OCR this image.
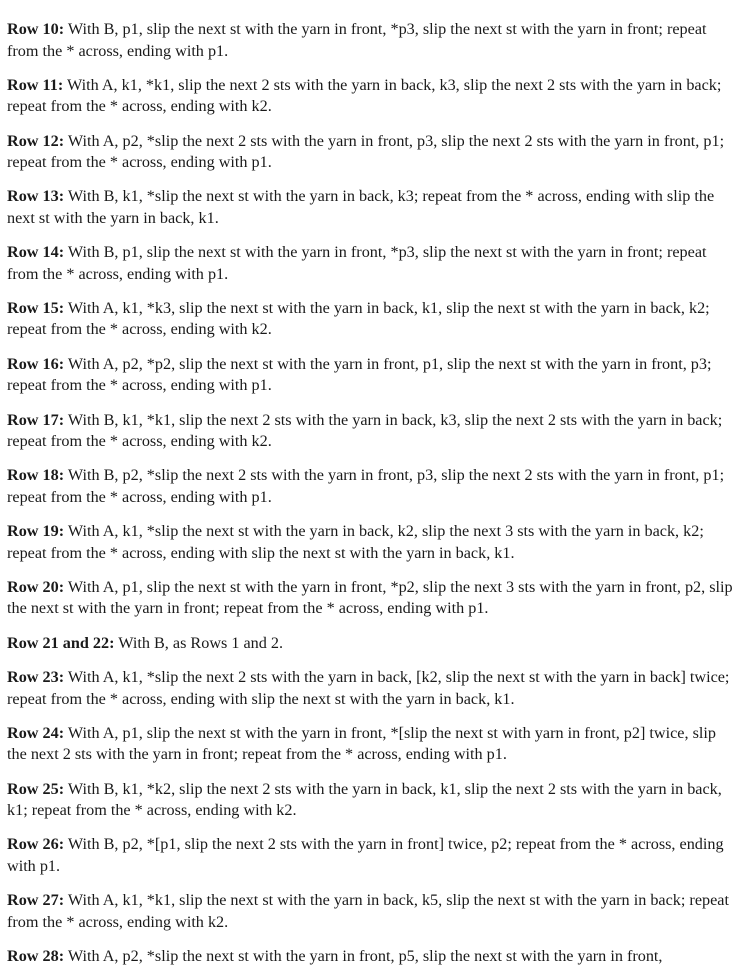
Row 10: With B, p1, slip the next st with the yarn in front, *p3, slip the next st with the yarn in front; repeat from the * across, ending with p1.

Row 11: With A, k1, *k1, slip the next 2 sts with the yarn in back, k3, slip the next 2 sts with the yarn in back; repeat from the * across, ending with k2.

Row 12: With A, p2, *slip the next 2 sts with the yarn in front, p3, slip the next 2 sts with the yarn in front, p1; repeat from the * across, ending with p1.

Row 13: With B, k1, *slip the next st with the yarn in back, k3; repeat from the * across, ending with slip the next st with the yarn in back, k1.

Row 14: With B, p1, slip the next st with the yarn in front, *p3, slip the next st with the yarn in front; repeat from the * across, ending with p1.

Row 15: With A, k1, *k3, slip the next st with the yarn in back, k1, slip the next st with the yarn in back, k2; repeat from the * across, ending with k2.

Row 16: With A, p2, *p2, slip the next st with the yarn in front, p1, slip the next st with the yarn in front, p3; repeat from the * across, ending with p1.

Row 17: With B, k1, *k1, slip the next 2 sts with the yarn in back, k3, slip the next 2 sts with the yarn in back; repeat from the * across, ending with k2.

Row 18: With B, p2, *slip the next 2 sts with the yarn in front, p3, slip the next 2 sts with the yarn in front, p1; repeat from the * across, ending with p1.

Row 19: With A, k1, *slip the next st with the yarn in back, k2, slip the next 3 sts with the yarn in back, k2; repeat from the * across, ending with slip the next st with the yarn in back, k1.

Row 20: With A, p1, slip the next st with the yarn in front, *p2, slip the next 3 sts with the yarn in front, p2, slip the next st with the yarn in front; repeat from the * across, ending with p1.

Row 21 and 22: With B, as Rows 1 and 2.

Row 23: With A, k1, *slip the next 2 sts with the yarn in back, [k2, slip the next st with the yarn in back] twice; repeat from the * across, ending with slip the next st with the yarn in back, k1.

Row 24: With A, p1, slip the next st with the yarn in front, *[slip the next st with yarn in front, p2] twice, slip the next 2 sts with the yarn in front; repeat from the * across, ending with p1.

Row 25: With B, k1, *k2, slip the next 2 sts with the yarn in back, k1, slip the next 2 sts with the yarn in back, k1; repeat from the * across, ending with k2.

Row 26: With B, p2, *[p1, slip the next 2 sts with the yarn in front] twice, p2; repeat from the * across, ending with p1.

Row 27: With A, k1, *k1, slip the next st with the yarn in back, k5, slip the next st with the yarn in back; repeat from the * across, ending with k2.

Row 28: With A, p2, *slip the next st with the yarn in front, p5, slip the next st with the yarn in front,
